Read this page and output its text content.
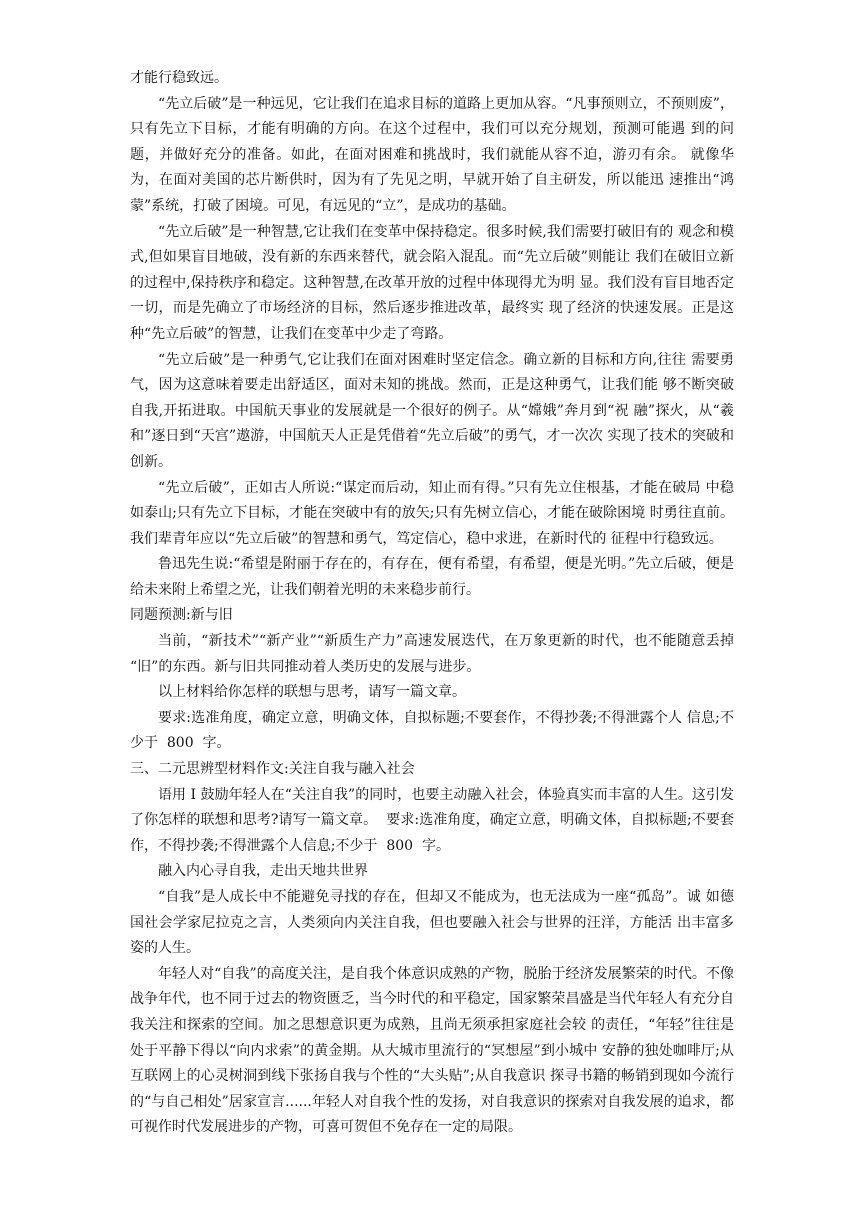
才能行稳致远。

“先立后破”是一种远见，它让我们在追求目标的道路上更加从容。“凡事预则立，不预则废”，只有先立下目标，才能有明确的方向。在这个过程中，我们可以充分规划，预测可能遇 到的问题，并做好充分的准备。如此，在面对困难和挑战时，我们就能从容不迫，游刃有余。 就像华为，在面对美国的芯片断供时，因为有了先见之明，早就开始了自主研发，所以能迅 速推出“鸿蒙”系统，打破了困境。可见，有远见的“立”，是成功的基础。

“先立后破”是一种智慧,它让我们在变革中保持稳定。很多时候,我们需要打破旧有的 观念和模式,但如果盲目地破，没有新的东西来替代，就会陷入混乱。而“先立后破”则能让 我们在破旧立新的过程中,保持秩序和稳定。这种智慧,在改革开放的过程中体现得尤为明 显。我们没有盲目地否定一切，而是先确立了市场经济的目标，然后逐步推进改革，最终实 现了经济的快速发展。正是这种“先立后破”的智慧，让我们在变革中少走了弯路。

“先立后破”是一种勇气,它让我们在面对困难时坚定信念。确立新的目标和方向,往往 需要勇气，因为这意味着要走出舒适区，面对未知的挑战。然而，正是这种勇气，让我们能 够不断突破自我,开拓进取。中国航天事业的发展就是一个很好的例子。从“嫦娥”奔月到“祝 融”探火，从“羲和”逐日到“天宫”遨游，中国航天人正是凭借着“先立后破”的勇气，才一次次 实现了技术的突破和创新。

“先立后破”，正如古人所说:“谋定而后动，知止而有得。”只有先立住根基，才能在破局 中稳如泰山;只有先立下目标，才能在突破中有的放矢;只有先树立信心，才能在破除困境 时勇往直前。我们辈青年应以“先立后破”的智慧和勇气，笃定信心，稳中求进，在新时代的 征程中行稳致远。

鲁迅先生说:“希望是附丽于存在的，有存在，便有希望，有希望，便是光明。”先立后破，便是给未来附上希望之光，让我们朝着光明的未来稳步前行。

同题预测:新与旧

当前，“新技术”“新产业”“新质生产力”高速发展迭代，在万象更新的时代，也不能随意丢掉 “旧”的东西。新与旧共同推动着人类历史的发展与进步。

以上材料给你怎样的联想与思考，请写一篇文章。

要求:选准角度，确定立意，明确文体，自拟标题;不要套作，不得抄袭;不得泄露个人 信息;不少于  800  字。

三、二元思辨型材料作文:关注自我与融入社会

语用 I 鼓励年轻人在“关注自我”的同时，也要主动融入社会，体验真实而丰富的人生。这引发了你怎样的联想和思考?请写一篇文章。  要求:选准角度，确定立意，明确文体，自拟标题;不要套作，不得抄袭;不得泄露个人信息;不少于  800  字。

融入内心寻自我，走出天地共世界

“自我”是人成长中不能避免寻找的存在，但却又不能成为，也无法成为一座“孤岛”。诚 如德国社会学家尼拉克之言，人类须向内关注自我，但也要融入社会与世界的汪洋，方能活 出丰富多姿的人生。

年轻人对“自我”的高度关注，是自我个体意识成熟的产物，脱胎于经济发展繁荣的时代。不像战争年代，也不同于过去的物资匮乏，当今时代的和平稳定，国家繁荣昌盛是当代年轻人有充分自我关注和探索的空间。加之思想意识更为成熟，且尚无须承担家庭社会较 的责任，“年轻”往往是处于平静下得以“向内求索”的黄金期。从大城市里流行的“冥想屋”到小城中 安静的独处咖啡厅;从互联网上的心灵树洞到线下张扬自我与个性的“大头贴”;从自我意识 探寻书籍的畅销到现如今流行的“与自己相处”居家宣言......年轻人对自我个性的发扬，对自我意识的探索对自我发展的追求，都可视作时代发展进步的产物，可喜可贺但不免存在一定的局限。
